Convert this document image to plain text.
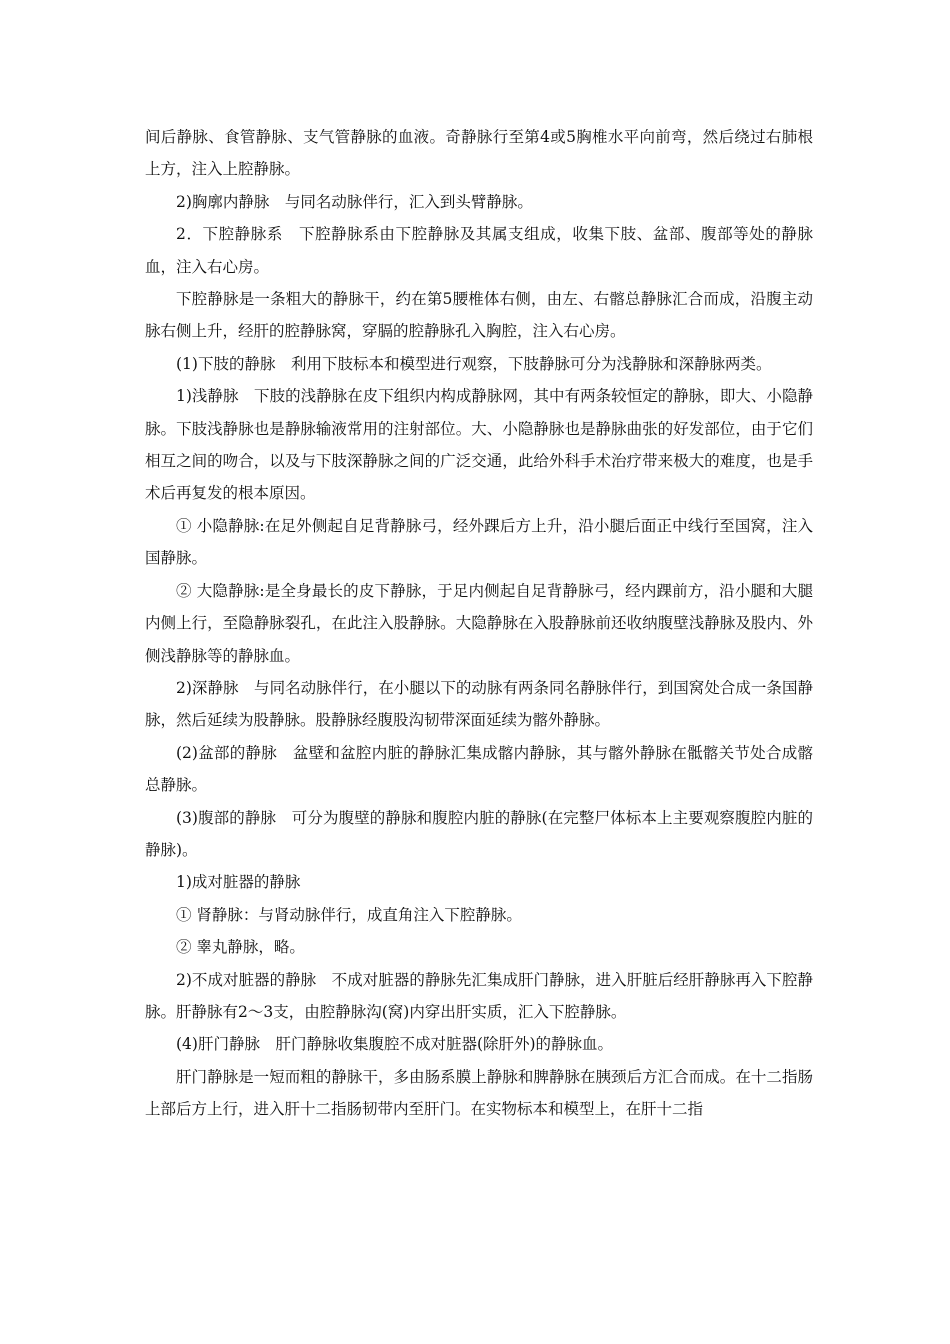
间后静脉、食管静脉、支气管静脉的血液。奇静脉行至第4或5胸椎水平向前弯，然后绕过右肺根上方，注入上腔静脉。

2)胸廓内静脉　与同名动脉伴行，汇入到头臂静脉。

2．下腔静脉系　下腔静脉系由下腔静脉及其属支组成，收集下肢、盆部、腹部等处的静脉血，注入右心房。

下腔静脉是一条粗大的静脉干，约在第5腰椎体右侧，由左、右髂总静脉汇合而成，沿腹主动脉右侧上升，经肝的腔静脉窝，穿膈的腔静脉孔入胸腔，注入右心房。

(1)下肢的静脉　利用下肢标本和模型进行观察，下肢静脉可分为浅静脉和深静脉两类。

1)浅静脉　下肢的浅静脉在皮下组织内构成静脉网，其中有两条较恒定的静脉，即大、小隐静脉。下肢浅静脉也是静脉输液常用的注射部位。大、小隐静脉也是静脉曲张的好发部位，由于它们相互之间的吻合，以及与下肢深静脉之间的广泛交通，此给外科手术治疗带来极大的难度，也是手术后再复发的根本原因。

① 小隐静脉:在足外侧起自足背静脉弓，经外踝后方上升，沿小腿后面正中线行至国窝，注入国静脉。

② 大隐静脉:是全身最长的皮下静脉，于足内侧起自足背静脉弓，经内踝前方，沿小腿和大腿内侧上行，至隐静脉裂孔，在此注入股静脉。大隐静脉在入股静脉前还收纳腹壁浅静脉及股内、外侧浅静脉等的静脉血。

2)深静脉　与同名动脉伴行，在小腿以下的动脉有两条同名静脉伴行，到国窝处合成一条国静脉，然后延续为股静脉。股静脉经腹股沟韧带深面延续为髂外静脉。

(2)盆部的静脉　盆壁和盆腔内脏的静脉汇集成髂内静脉，其与髂外静脉在骶髂关节处合成髂总静脉。

(3)腹部的静脉　可分为腹壁的静脉和腹腔内脏的静脉(在完整尸体标本上主要观察腹腔内脏的静脉)。

1)成对脏器的静脉

① 肾静脉：与肾动脉伴行，成直角注入下腔静脉。

② 睾丸静脉，略。

2)不成对脏器的静脉　不成对脏器的静脉先汇集成肝门静脉，进入肝脏后经肝静脉再入下腔静脉。肝静脉有2～3支，由腔静脉沟(窝)内穿出肝实质，汇入下腔静脉。

(4)肝门静脉　肝门静脉收集腹腔不成对脏器(除肝外)的静脉血。

肝门静脉是一短而粗的静脉干，多由肠系膜上静脉和脾静脉在胰颈后方汇合而成。在十二指肠上部后方上行，进入肝十二指肠韧带内至肝门。在实物标本和模型上，在肝十二指
